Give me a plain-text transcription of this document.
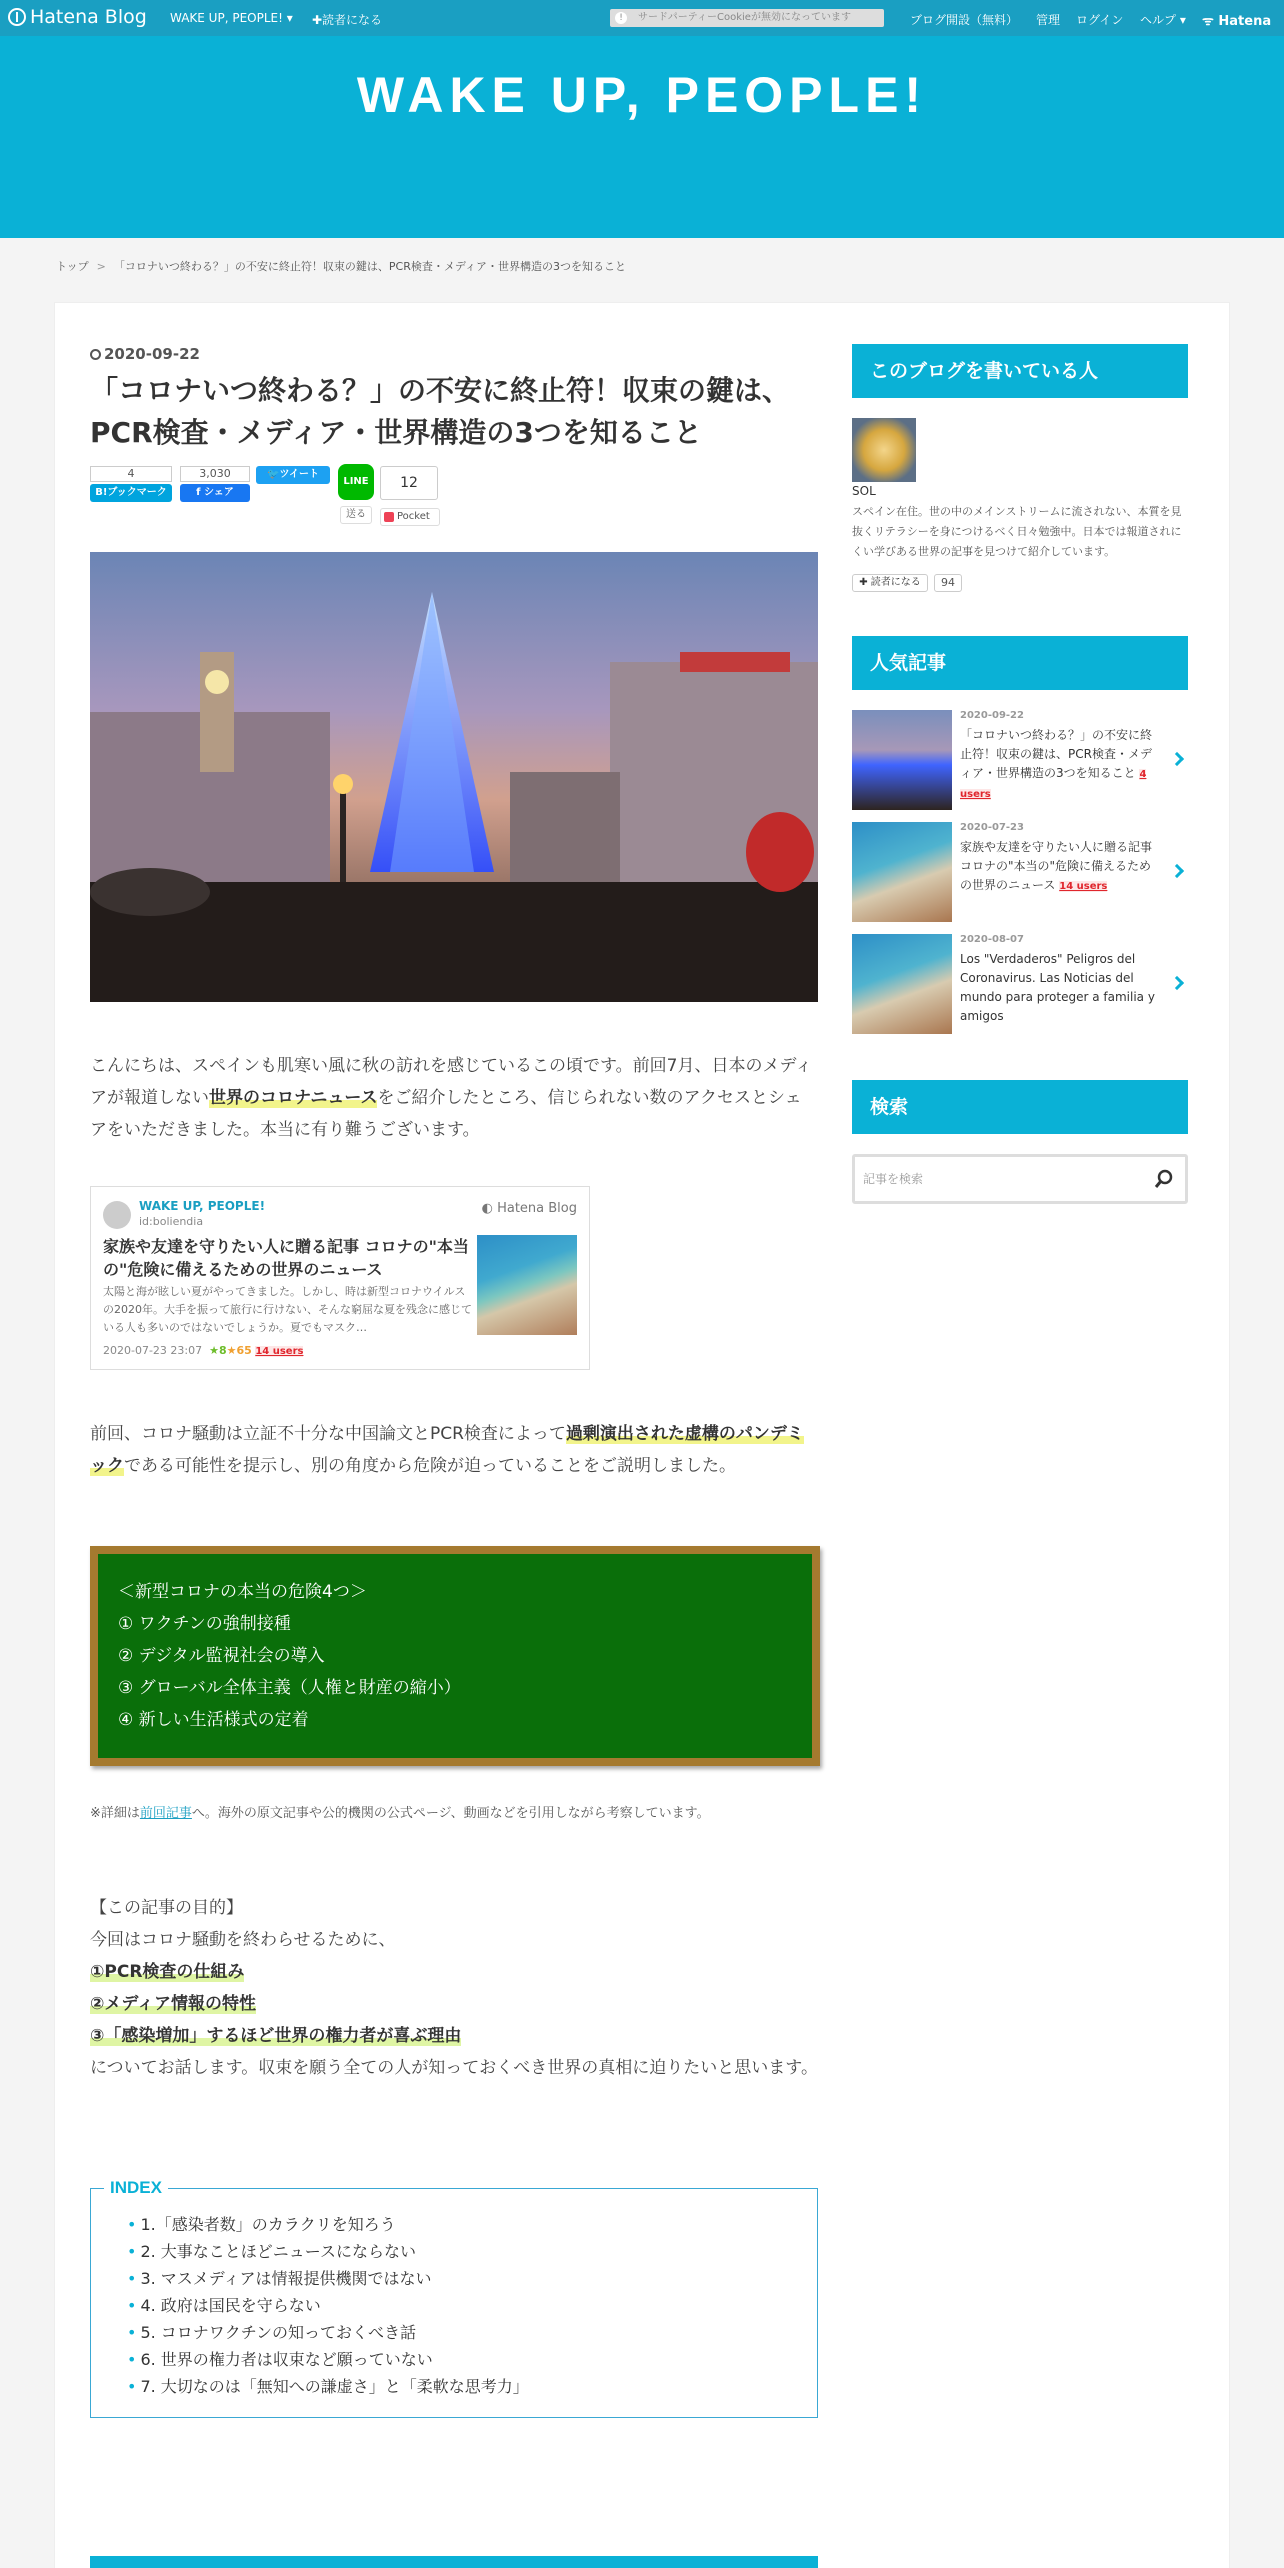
Hatena Blog WAKE UP, PEOPLE! ▾ ✚読者になる	!	サードパーティーCookieが無効になっています	ブログ開設（無料） 管理 ログイン ヘルプ ▾ ᯤ Hatena
WAKE UP, PEOPLE!
トップ > 「コロナいつ終わる？」の不安に終止符！収束の鍵は、PCR検査・メディア・世界構造の3つを知ること
2020-09-22
「コロナいつ終わる？」の不安に終止符！収束の鍵は、PCR検査・メディア・世界構造の3つを知ること
4
B!ブックマーク
3,030
f シェア
🐦ツイート
LINE
送る
12
Pocket

こんにちは、スペインも肌寒い風に秋の訪れを感じているこの頃です。前回7月、日本のメディアが報道しない世界のコロナニュースをご紹介したところ、信じられない数のアクセスとシェアをいただきました。本当に有り難うございます。

WAKE UP, PEOPLE!
id:boliendia
◐ Hatena Blog
家族や友達を守りたい人に贈る記事 コロナの"本当の"危険に備えるための世界のニュース
太陽と海が眩しい夏がやってきました。しかし、時は新型コロナウイルスの2020年。大手を振って旅行に行けない、そんな窮屈な夏を残念に感じている人も多いのではないでしょうか。夏でもマスク…
2020-07-23 23:07 ★8★65 14 users

前回、コロナ騒動は立証不十分な中国論文とPCR検査によって過剰演出された虚構のパンデミックである可能性を提示し、別の角度から危険が迫っていることをご説明しました。

＜新型コロナの本当の危険4つ＞
① ワクチンの強制接種
② デジタル監視社会の導入
③ グローバル全体主義（人権と財産の縮小）
④ 新しい生活様式の定着

※詳細は前回記事へ。海外の原文記事や公的機関の公式ページ、動画などを引用しながら考察しています。

【この記事の目的】
今回はコロナ騒動を終わらせるために、
①PCR検査の仕組み
②メディア情報の特性
③「感染増加」するほど世界の権力者が喜ぶ理由
についてお話します。収束を願う全ての人が知っておくべき世界の真相に迫りたいと思います。
• 1.「感染者数」のカラクリを知ろう
• 2. 大事なことほどニュースにならない
• 3. マスメディアは情報提供機関ではない
• 4. 政府は国民を守らない
• 5. コロナワクチンの知っておくべき話
• 6. 世界の権力者は収束など願っていない
• 7. 大切なのは「無知への謙虚さ」と「柔軟な思考力」
INDEX
このブログを書いている人
SOL
スペイン在住。世の中のメインストリームに流されない、本質を見抜くリテラシーを身につけるべく日々勉強中。日本では報道されにくい学びある世界の記事を見つけて紹介しています。
✚ 読者になる	94
人気記事
2020-09-22
「コロナいつ終わる？」の不安に終止符！収束の鍵は、PCR検査・メディア・世界構造の3つを知ること 4 users
2020-07-23
家族や友達を守りたい人に贈る記事 コロナの"本当の"危険に備えるための世界のニュース 14 users
2020-08-07
Los "Verdaderos" Peligros del Coronavirus. Las Noticias del mundo para proteger a familia y amigos
検索
記事を検索
